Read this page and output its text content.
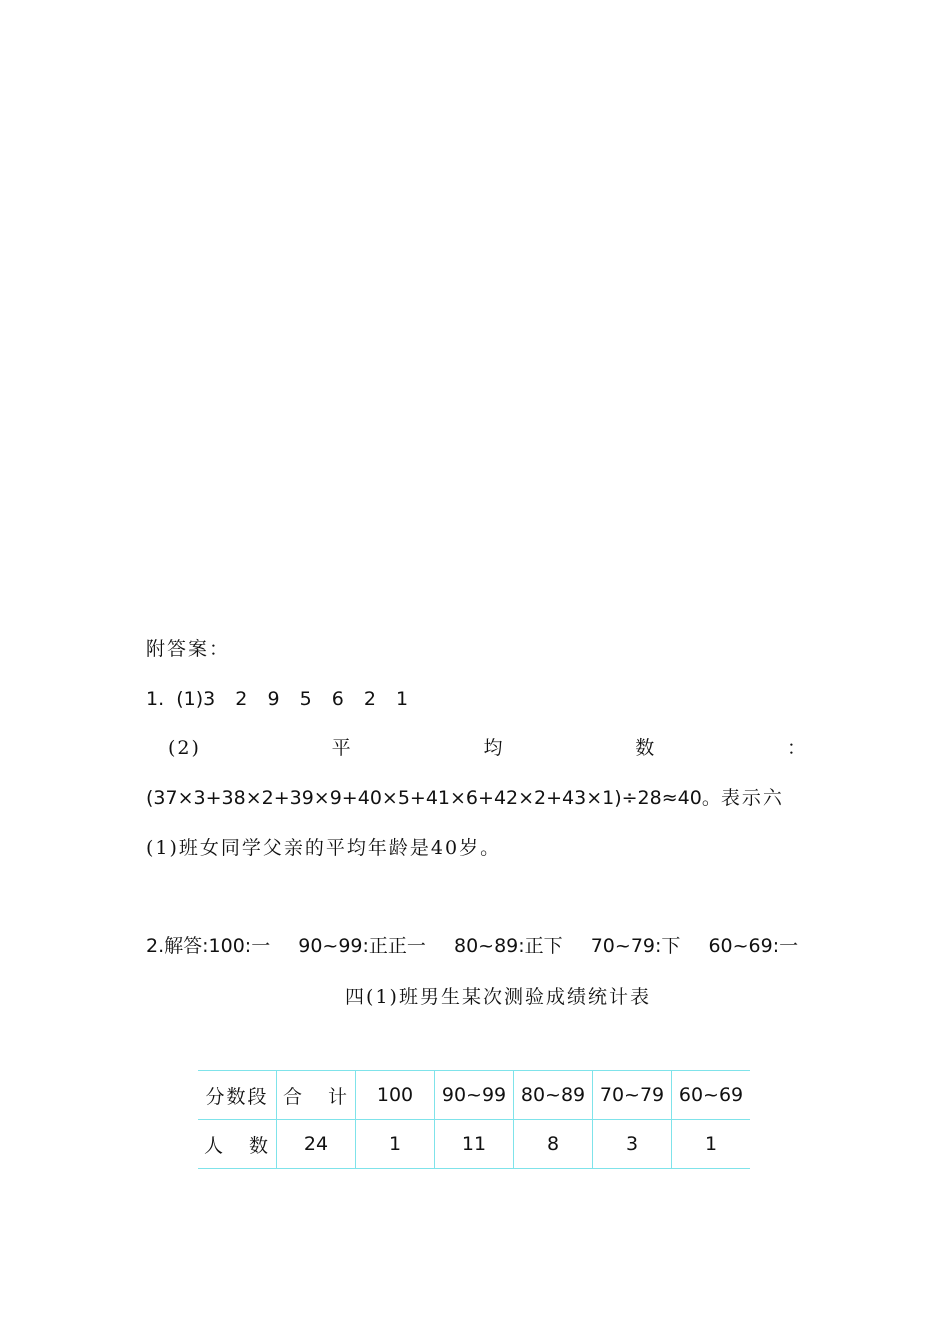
附答案：
1. (1)3 2 9 5 6 2 1
(2)	平	均	数	：
(37×3+38×2+39×9+40×5+41×6+42×2+43×1)÷28≈40。表示六
(1)班女同学父亲的平均年龄是40岁。
2.解答:100:一 90~99:正正一 80~89:正下 70~79:下 60~69:一
四(1)班男生某次测验成绩统计表
分数段	合 计	100	90~99	80~89	70~79	60~69

人 数	24	1	11	8	3	1
